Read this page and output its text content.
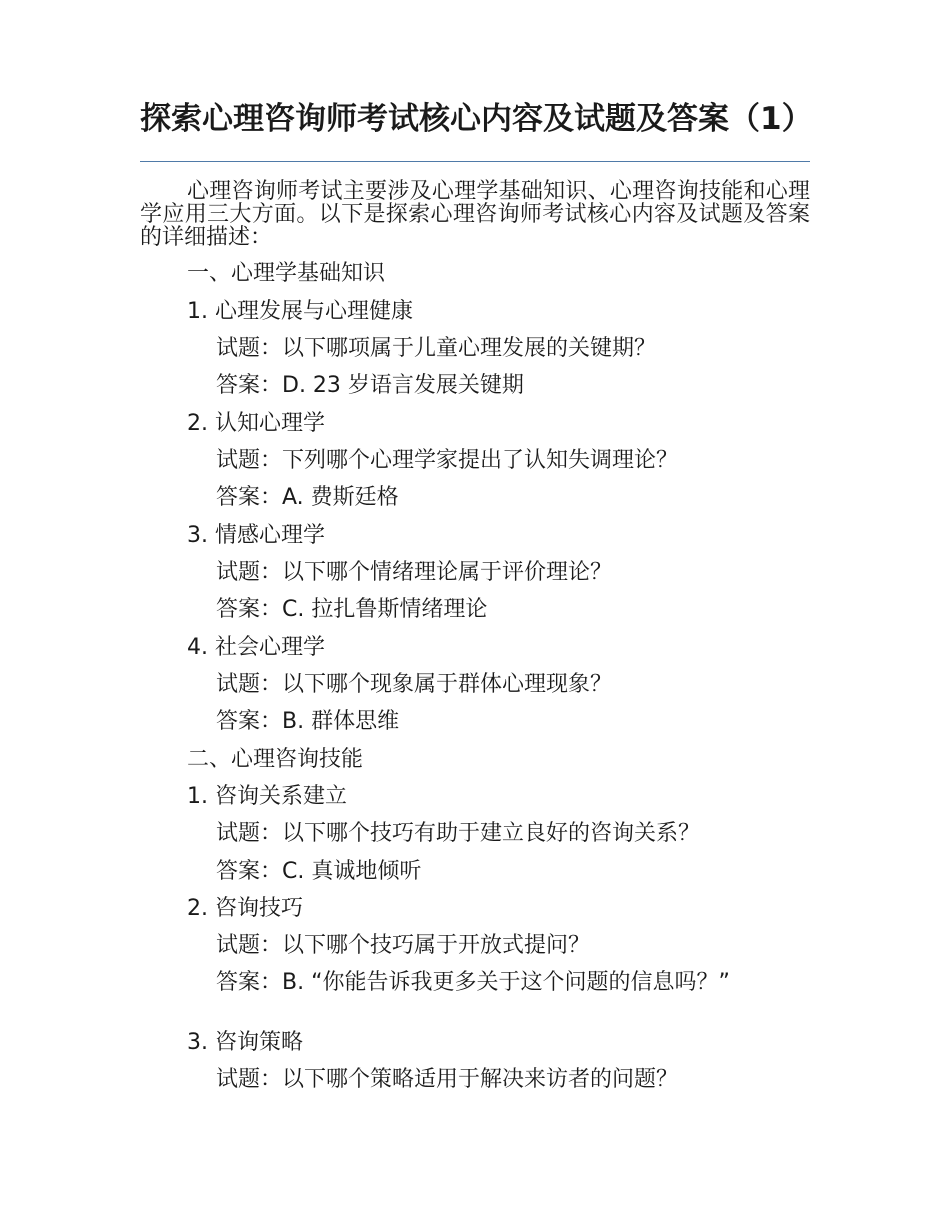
探索心理咨询师考试核心内容及试题及答案（1）
心理咨询师考试主要涉及心理学基础知识、心理咨询技能和心理学应用三大方面。以下是探索心理咨询师考试核心内容及试题及答案的详细描述：
一、心理学基础知识
1. 心理发展与心理健康
试题：以下哪项属于儿童心理发展的关键期？
答案：D. 23 岁语言发展关键期
2. 认知心理学
试题：下列哪个心理学家提出了认知失调理论？
答案：A. 费斯廷格
3. 情感心理学
试题：以下哪个情绪理论属于评价理论？
答案：C. 拉扎鲁斯情绪理论
4. 社会心理学
试题：以下哪个现象属于群体心理现象？
答案：B. 群体思维
二、心理咨询技能
1. 咨询关系建立
试题：以下哪个技巧有助于建立良好的咨询关系？
答案：C. 真诚地倾听
2. 咨询技巧
试题：以下哪个技巧属于开放式提问？
答案：B. “你能告诉我更多关于这个问题的信息吗？”
3. 咨询策略
试题：以下哪个策略适用于解决来访者的问题？
